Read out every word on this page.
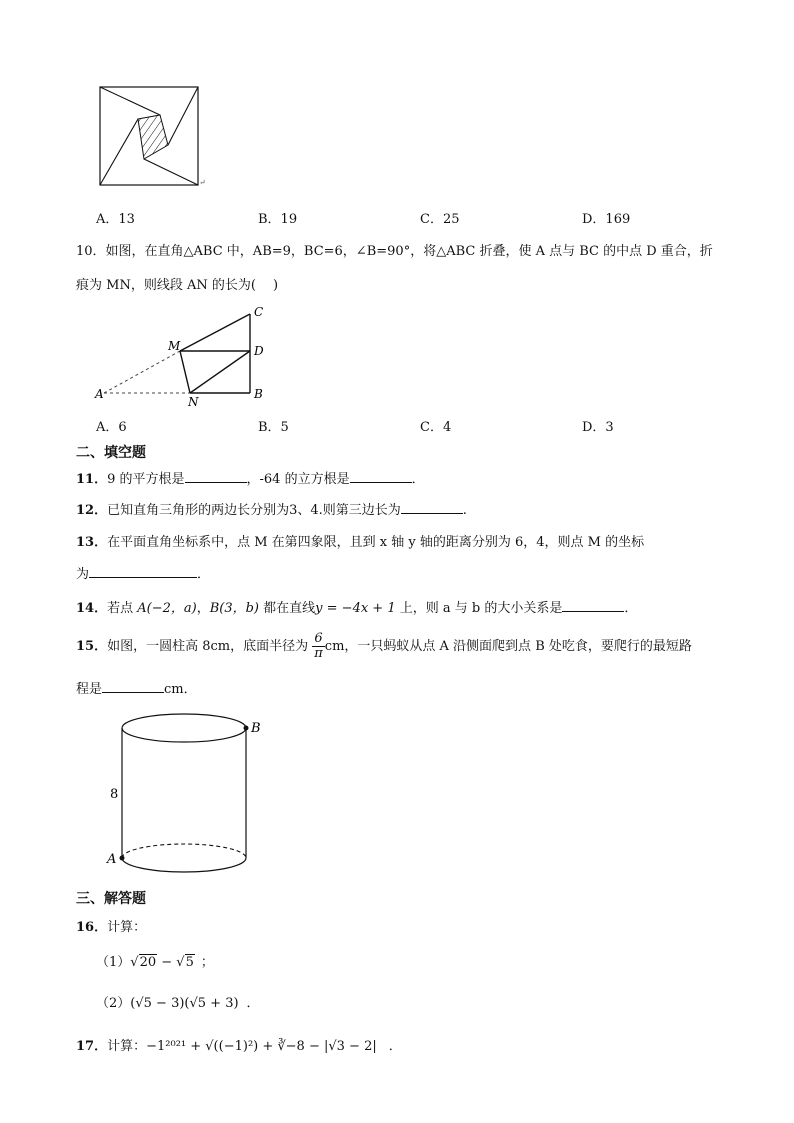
↵
A．13	B．19	C．25	D．169
10．如图，在直角△ABC 中，AB=9，BC=6，∠B=90°，将△ABC 折叠，使 A 点与 BC 的中点 D 重合，折
痕为 MN，则线段 AN 的长为(　 )
C
M	D
A
N
B
A．6	B．5	C．4	D．3
二、填空题
11．9 的平方根是	，-64 的立方根是	．
12．已知直角三角形的两边长分别为3、4.则第三边长为	.
13．在平面直角坐标系中，点 M 在第四象限，且到 x 轴 y 轴的距离分别为 6，4，则点 M 的坐标
为	．
14．若点 A(−2，a)，B(3，b) 都在直线y = −4x + 1 上，则 a 与 b 的大小关系是	．
15．如图，一圆柱高 8cm，底面半径为 $\frac{6}{\pi}$ cm，一只蚂蚁从点 A 沿侧面爬到点 B 处吃食，要爬行的最短路
程是	cm．
B
A
8
三、解答题
16．计算：
（1）√20 − √5 ；
（2）(√5 − 3)(√5 + 3) ．
17．计算：−1²⁰²¹ + √((−1)²) + ∛−8 − |√3 − 2| ．
